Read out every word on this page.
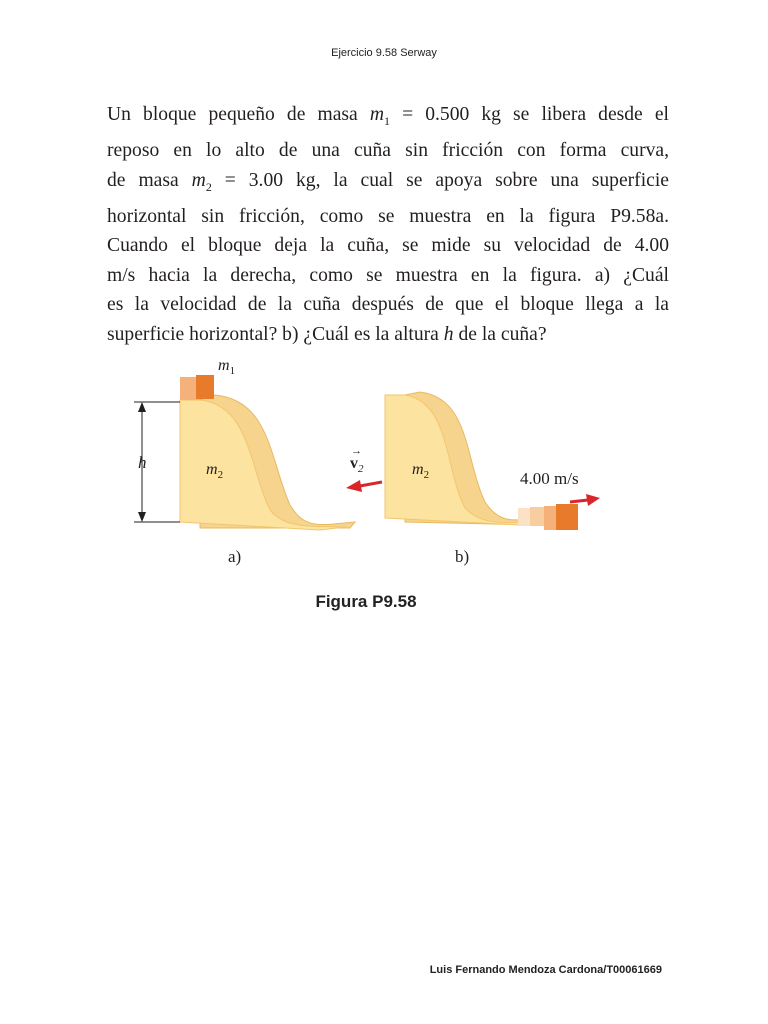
Ejercicio 9.58 Serway
Un bloque pequeño de masa $m_1 = 0.500$ kg se libera desde el
reposo en lo alto de una cuña sin fricción con forma curva,
de masa $m_2 = 3.00$ kg, la cual se apoya sobre una superficie
horizontal sin fricción, como se muestra en la figura P9.58a.
Cuando el bloque deja la cuña, se mide su velocidad de 4.00
m/s hacia la derecha, como se muestra en la figura. a) ¿Cuál
es la velocidad de la cuña después de que el bloque llega a la
superficie horizontal? b) ¿Cuál es la altura h de la cuña?
h
$m_1$
$m_2$
a)
$v_2$
→
4.00 m/s
$m_2$
b)
Figura P9.58
Luis Fernando Mendoza Cardona/T00061669
